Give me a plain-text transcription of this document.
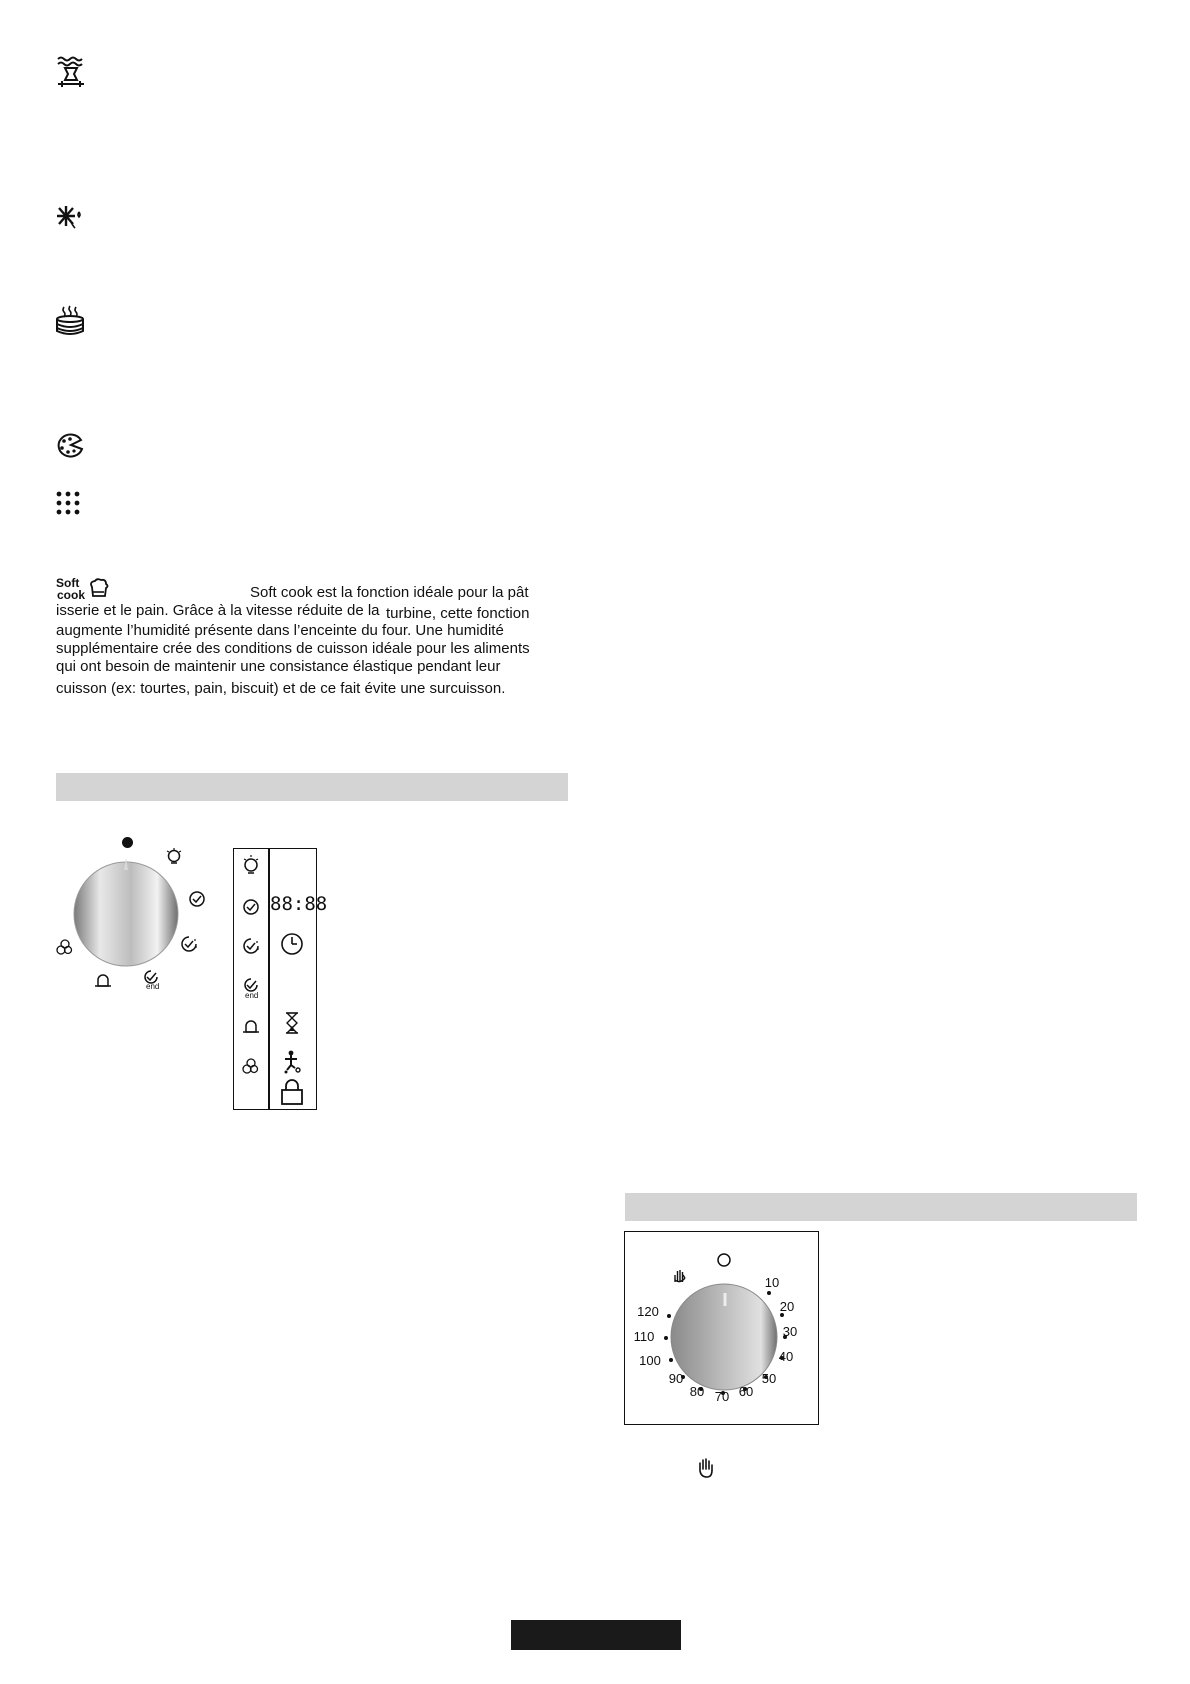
Soft
cook	Soft cook est la fonction idéale pour la pât
isserie et le pain. Grâce à la vitesse réduite de la turbine, cette fonction
augmente l’humidité présente dans l’enceinte du four. Une humidité
supplémentaire crée des conditions de cuisson idéale pour les aliments
qui ont besoin de maintenir une consistance élastique pendant leur
cuisson (ex: tourtes, pain, biscuit) et de ce fait évite une surcuisson.
end
end
88:88
10
20
30
40
50
60
70
80
90
100
110
120
